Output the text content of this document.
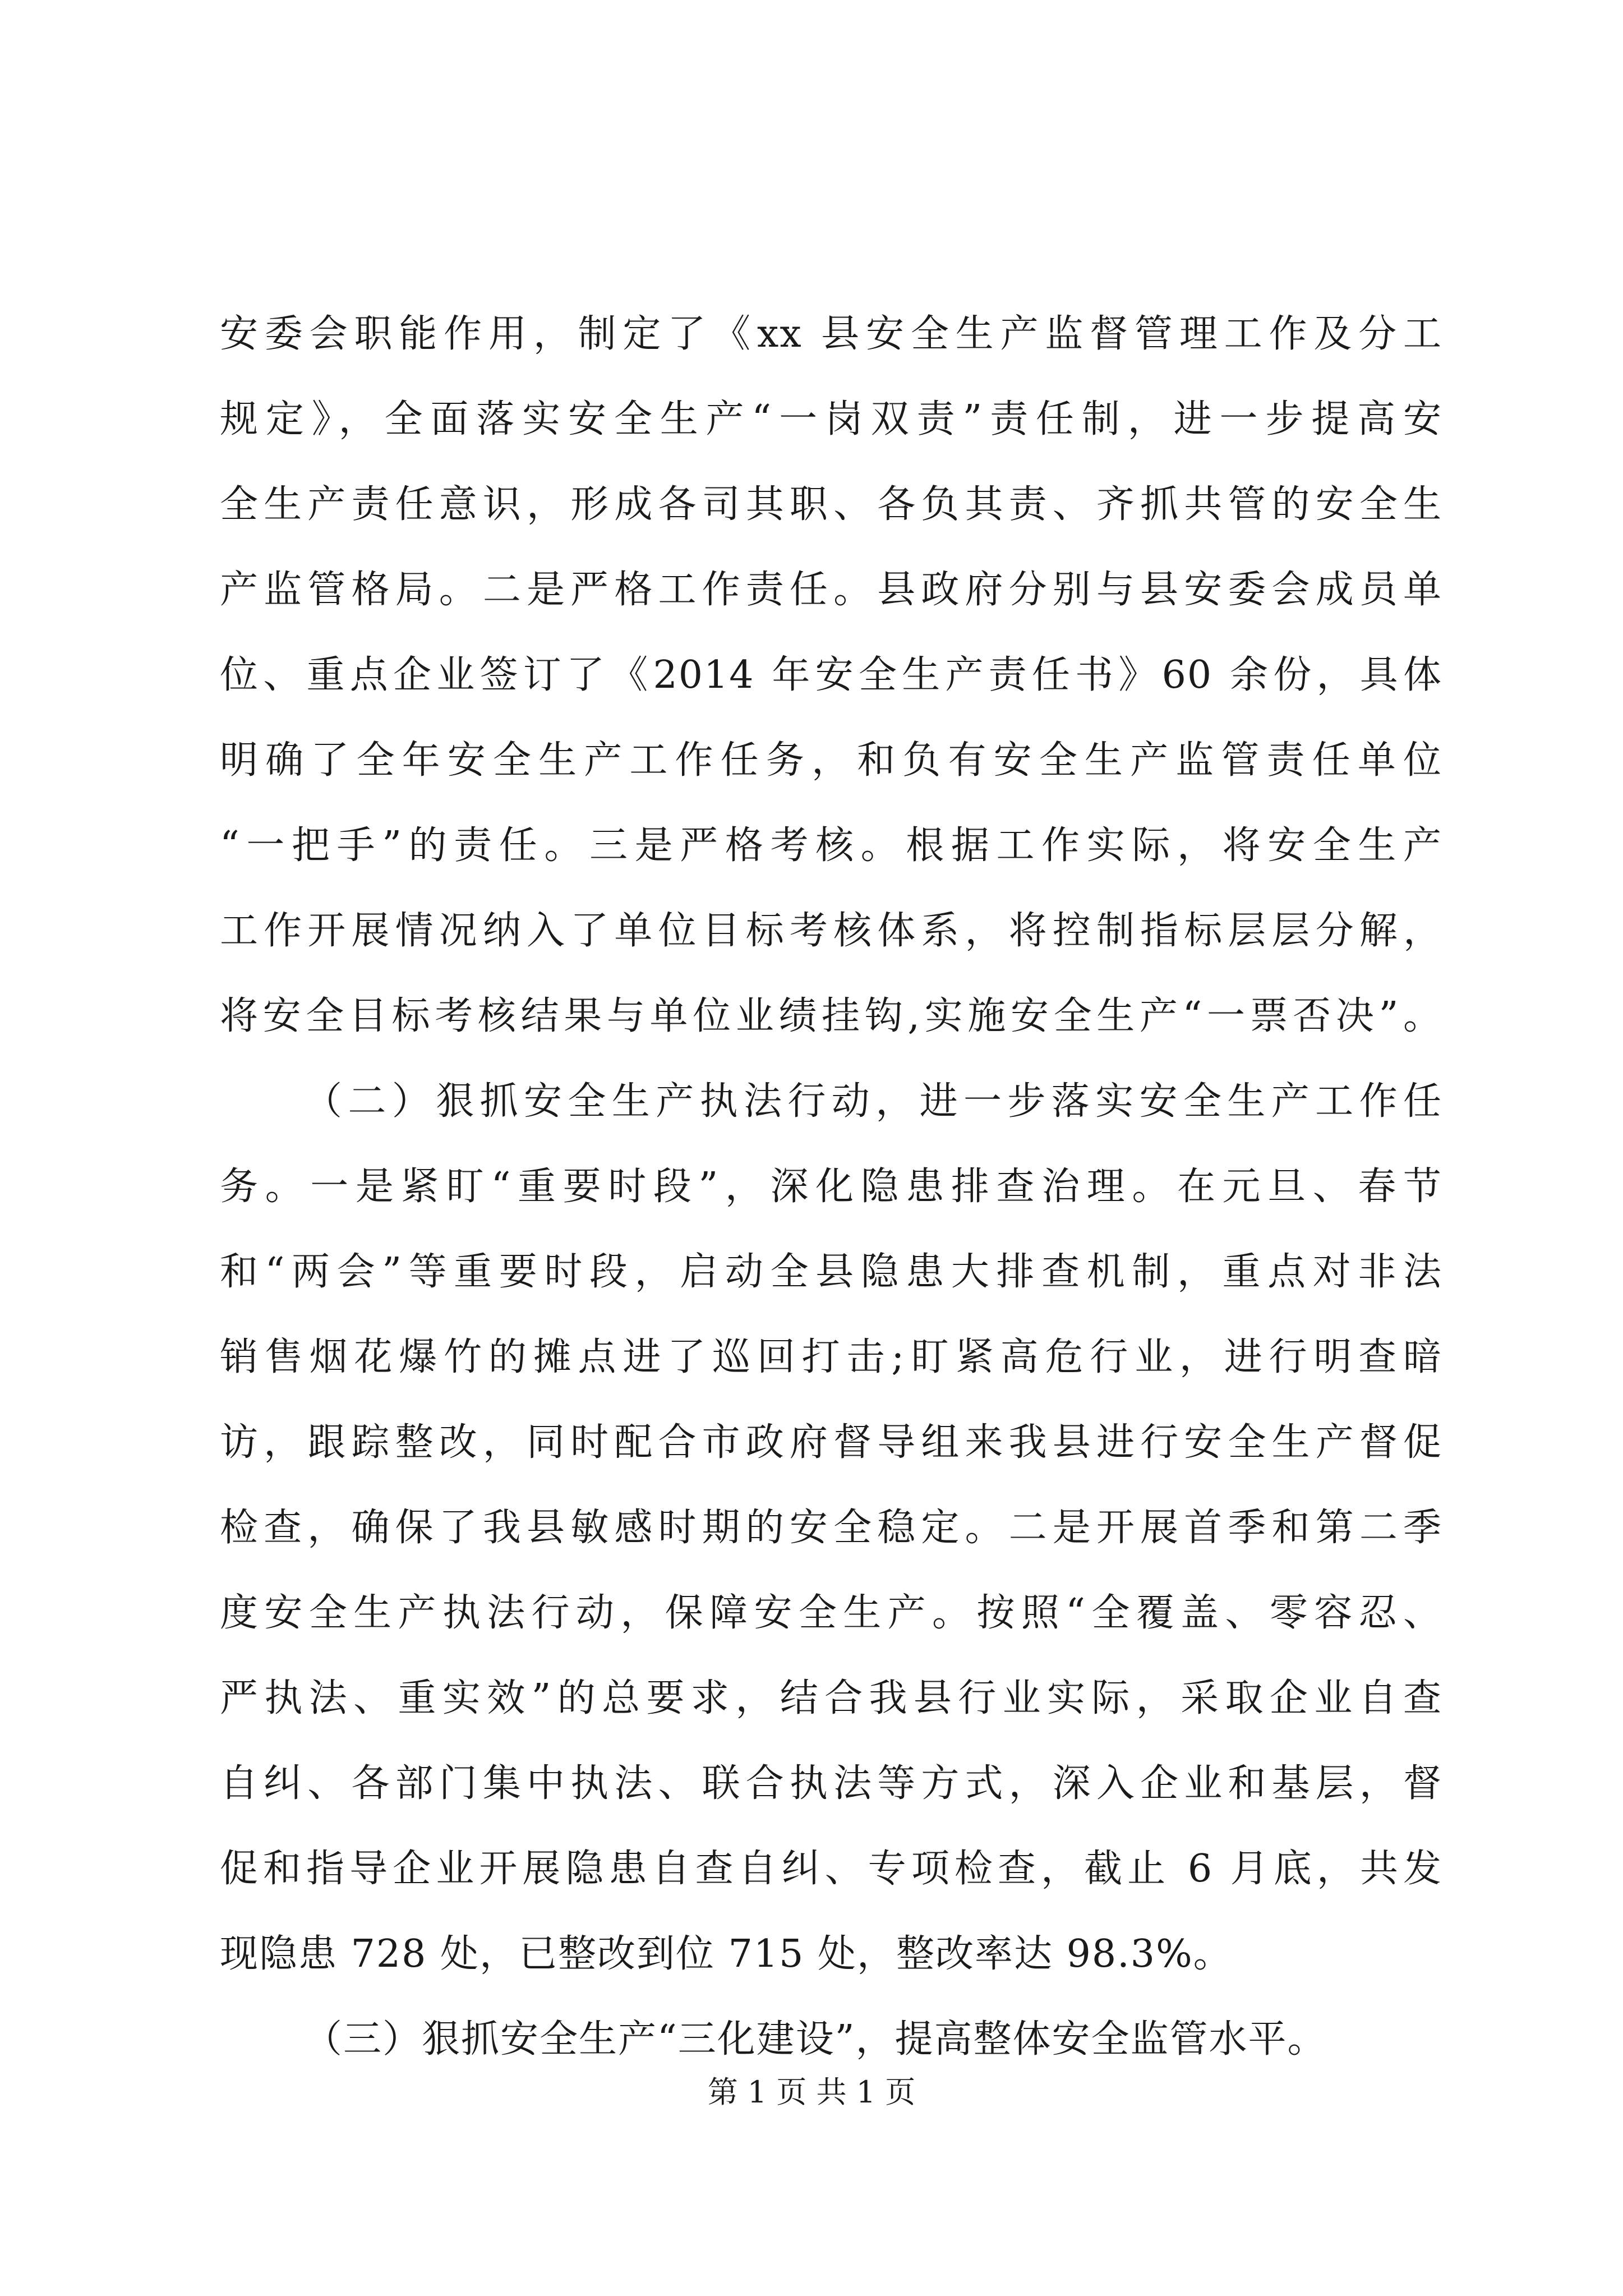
安委会职能作用，制定了《xx 县安全生产监督管理工作及分工
规定》，全面落实安全生产“一岗双责”责任制，进一步提高安
全生产责任意识，形成各司其职、各负其责、齐抓共管的安全生
产监管格局。二是严格工作责任。县政府分别与县安委会成员单
位、重点企业签订了《2014 年安全生产责任书》60 余份，具体
明确了全年安全生产工作任务，和负有安全生产监管责任单位
“一把手”的责任。三是严格考核。根据工作实际，将安全生产
工作开展情况纳入了单位目标考核体系，将控制指标层层分解，
将安全目标考核结果与单位业绩挂钩,实施安全生产“一票否决”。
（二）狠抓安全生产执法行动，进一步落实安全生产工作任
务。一是紧盯“重要时段”，深化隐患排查治理。在元旦、春节
和“两会”等重要时段，启动全县隐患大排查机制，重点对非法
销售烟花爆竹的摊点进了巡回打击;盯紧高危行业，进行明查暗
访，跟踪整改，同时配合市政府督导组来我县进行安全生产督促
检查，确保了我县敏感时期的安全稳定。二是开展首季和第二季
度安全生产执法行动，保障安全生产。按照“全覆盖、零容忍、
严执法、重实效”的总要求，结合我县行业实际，采取企业自查
自纠、各部门集中执法、联合执法等方式，深入企业和基层，督
促和指导企业开展隐患自查自纠、专项检查，截止 6 月底，共发
现隐患 728 处，已整改到位 715 处，整改率达 98.3%。
（三）狠抓安全生产“三化建设”，提高整体安全监管水平。
第 1 页 共 1 页
